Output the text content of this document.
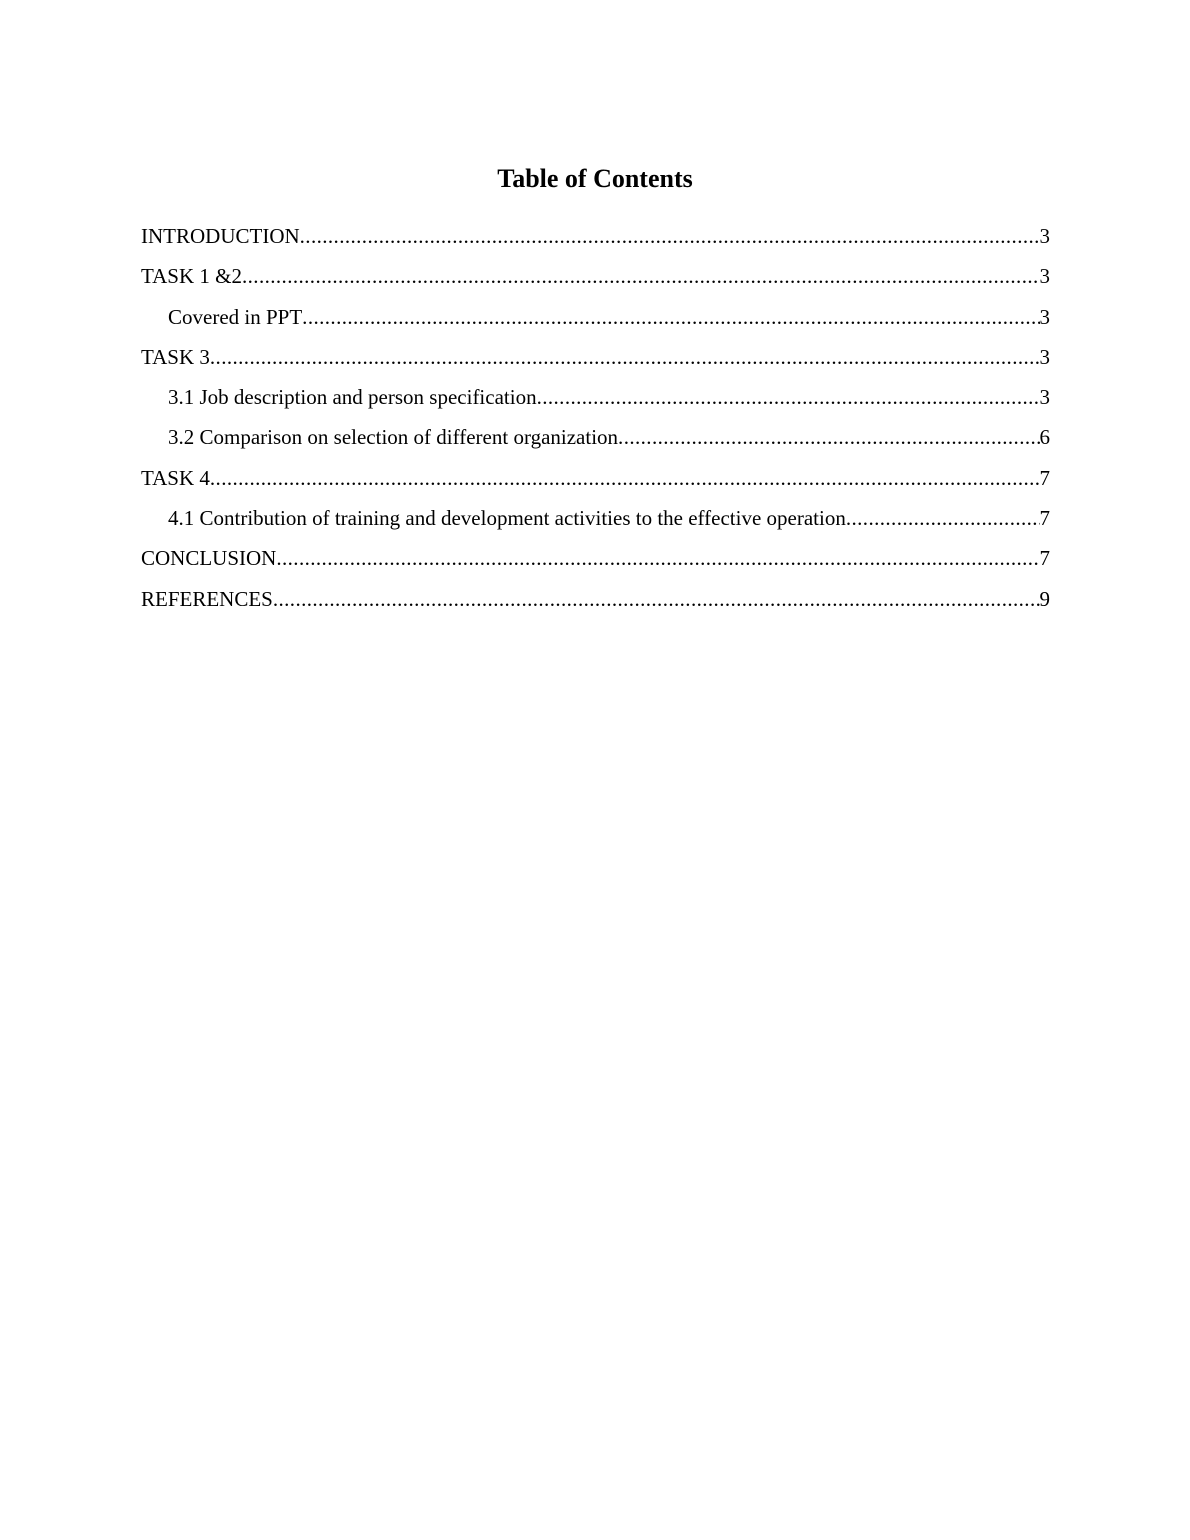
Table of Contents
INTRODUCTION .....	3
TASK 1 &2 .....	3
Covered in PPT .....	3
TASK 3 .....	3
3.1 Job description and person specification .....	3
3.2 Comparison on selection of different organization .....	6
TASK 4 .....	7
4.1 Contribution of training and development activities to the effective operation .....	7
CONCLUSION .....	7
REFERENCES .....	9
